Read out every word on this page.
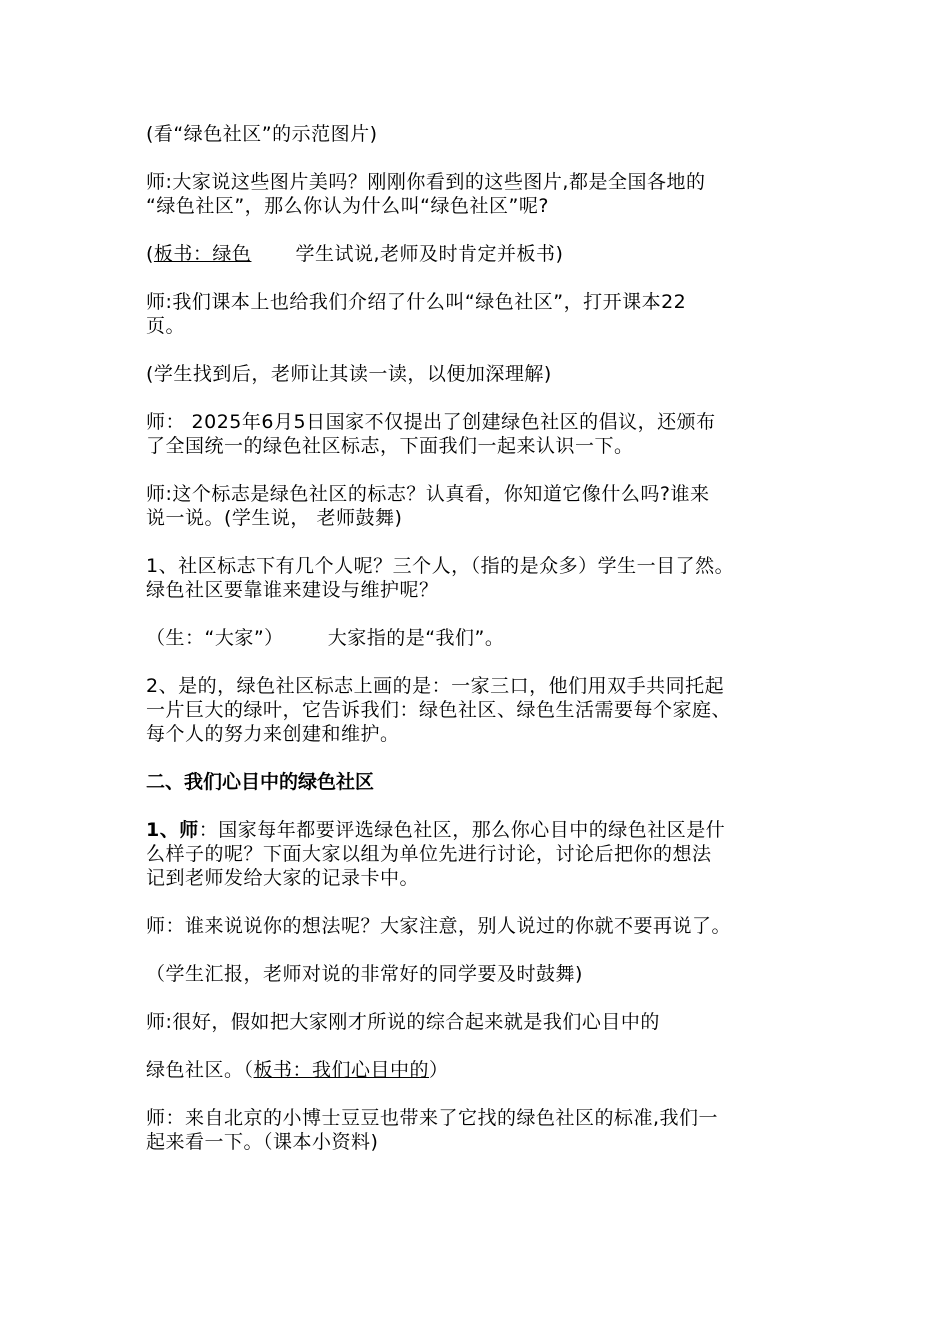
(看“绿色社区”的示范图片)

师:大家说这些图片美吗？刚刚你看到的这些图片,都是全国各地的
“绿色社区”，那么你认为什么叫“绿色社区”呢?

(板书：绿色 学生试说,老师及时肯定并板书)

师:我们课本上也给我们介绍了什么叫“绿色社区”，打开课本22
页。

(学生找到后，老师让其读一读，以便加深理解)

师： 2025年6月5日国家不仅提出了创建绿色社区的倡议，还颁布
了全国统一的绿色社区标志，下面我们一起来认识一下。

师:这个标志是绿色社区的标志？认真看，你知道它像什么吗?谁来
说一说。(学生说， 老师鼓舞)

1、社区标志下有几个人呢？三个人，（指的是众多）学生一目了然。
绿色社区要靠谁来建设与维护呢？

（生：“大家”） 大家指的是“我们”。

2、是的，绿色社区标志上画的是：一家三口，他们用双手共同托起
一片巨大的绿叶，它告诉我们：绿色社区、绿色生活需要每个家庭、
每个人的努力来创建和维护。

二、我们心目中的绿色社区

1、师：国家每年都要评选绿色社区，那么你心目中的绿色社区是什
么样子的呢？下面大家以组为单位先进行讨论，讨论后把你的想法
记到老师发给大家的记录卡中。

师：谁来说说你的想法呢？大家注意，别人说过的你就不要再说了。

（学生汇报，老师对说的非常好的同学要及时鼓舞)

师:很好，假如把大家刚才所说的综合起来就是我们心目中的

绿色社区。（板书：我们心目中的）

师：来自北京的小博士豆豆也带来了它找的绿色社区的标准,我们一
起来看一下。（课本小资料)
